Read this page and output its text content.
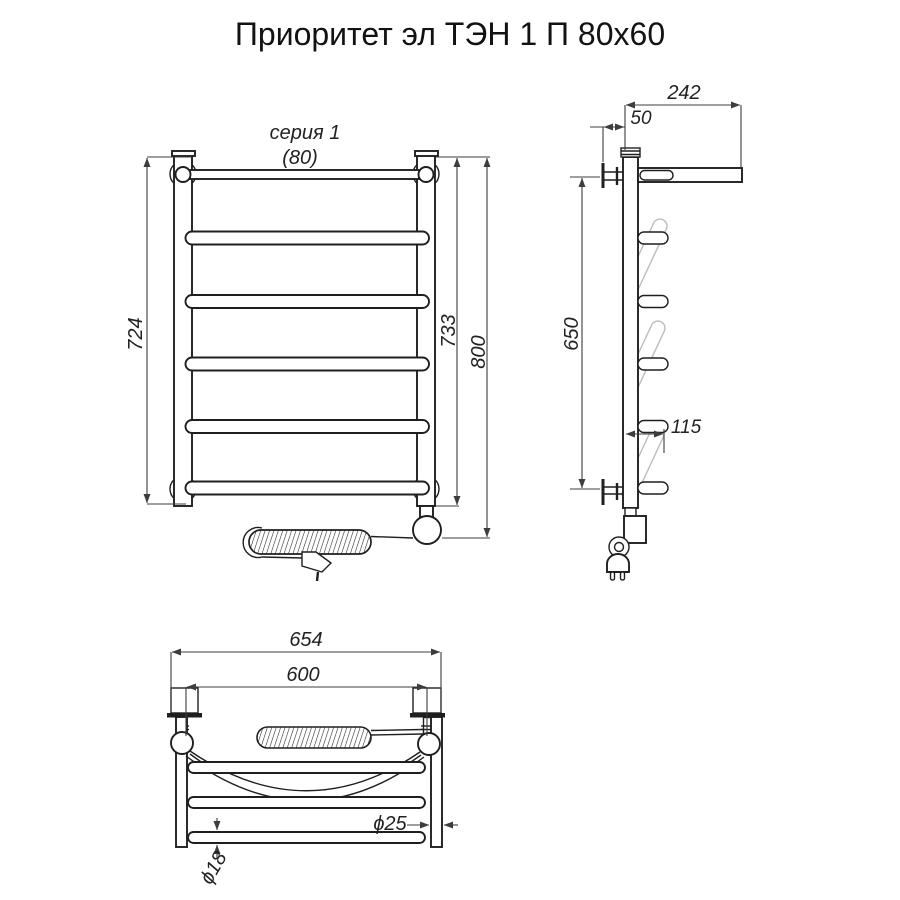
Приоритет эл ТЭН 1 П 80x60
серия 1
(80)
724	733
800
242
50
650
115
654
600
ϕ25
ϕ18
